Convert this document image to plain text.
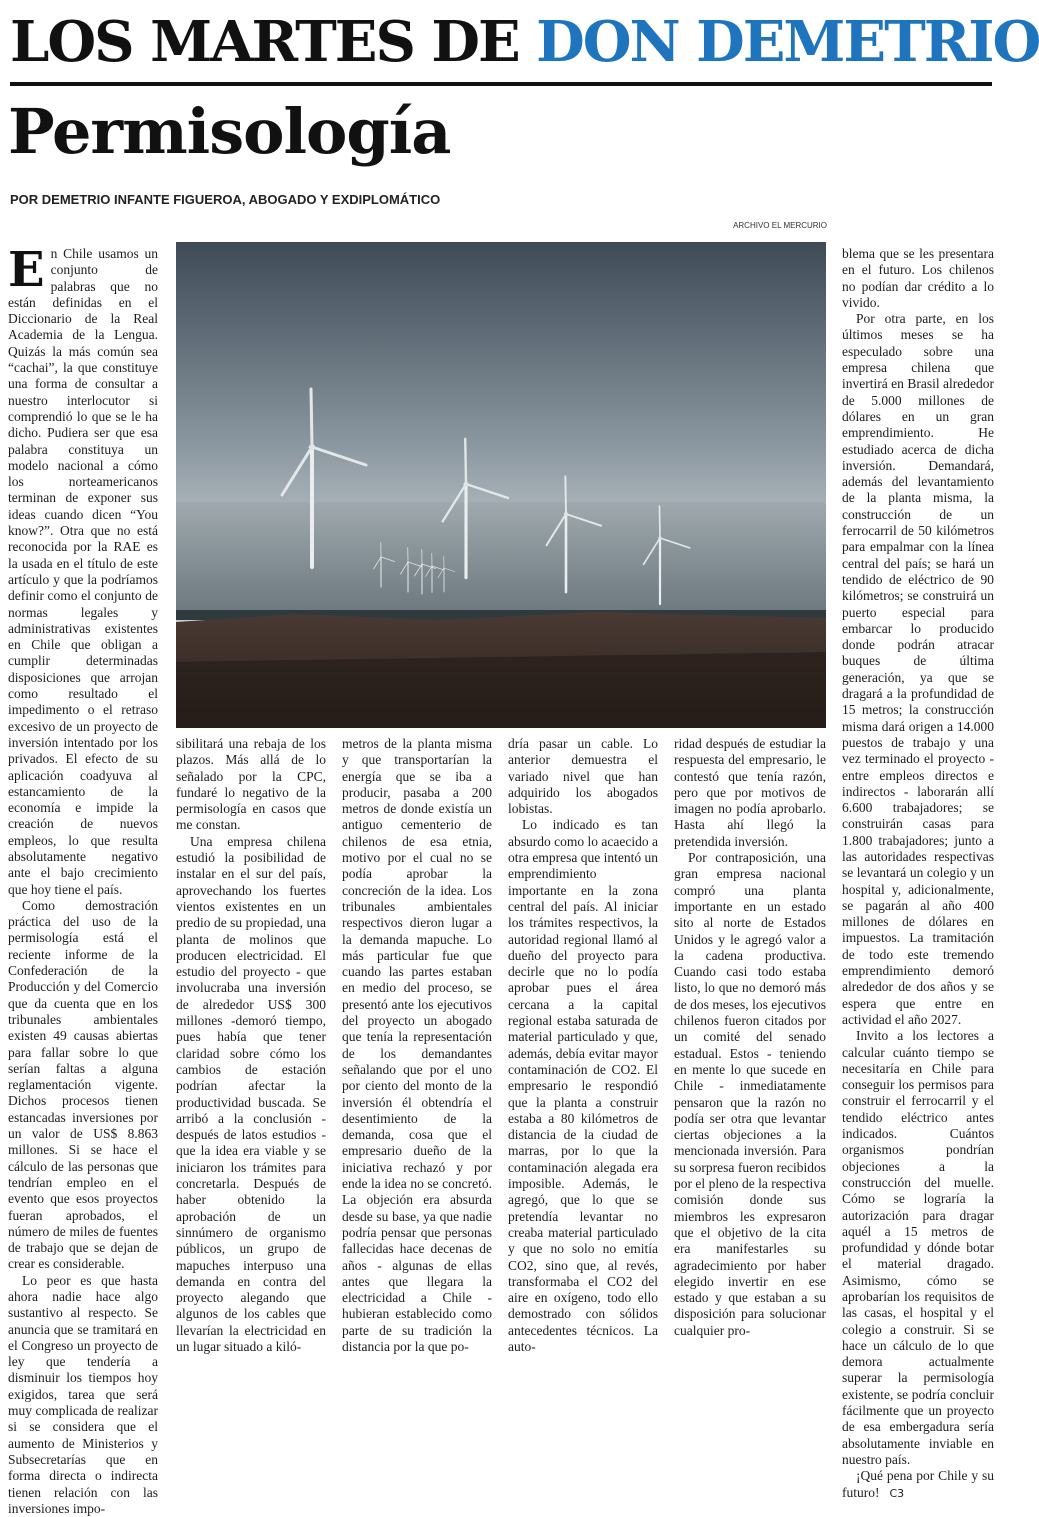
LOS MARTES DE DON DEMETRIO
Permisología
POR DEMETRIO INFANTE FIGUEROA, ABOGADO Y EXDIPLOMÁTICO
ARCHIVO EL MERCURIO

En Chile usamos un conjunto de palabras que no están definidas en el Diccionario de la Real Academia de la Lengua. Quizás la más común sea “cachai”, la que constituye una forma de consultar a nuestro interlocutor si comprendió lo que se le ha dicho. Pudiera ser que esa palabra constituya un modelo nacional a cómo los norteamericanos terminan de exponer sus ideas cuando dicen “You know?”. Otra que no está reconocida por la RAE es la usada en el título de este artículo y que la podríamos definir como el conjunto de normas legales y administrativas existentes en Chile que obligan a cumplir determinadas disposiciones que arrojan como resultado el impedimento o el retraso excesivo de un proyecto de inversión intentado por los privados. El efecto de su aplicación coadyuva al estancamiento de la economía e impide la creación de nuevos empleos, lo que resulta absolutamente negativo ante el bajo crecimiento que hoy tiene el país.

Como demostración práctica del uso de la permisología está el reciente informe de la Confederación de la Producción y del Comercio que da cuenta que en los tribunales ambientales existen 49 causas abiertas para fallar sobre lo que serían faltas a alguna reglamentación vigente. Dichos procesos tienen estancadas inversiones por un valor de US$ 8.863 millones. Si se hace el cálculo de las personas que tendrían empleo en el evento que esos proyectos fueran aprobados, el número de miles de fuentes de trabajo que se dejan de crear es considerable.

Lo peor es que hasta ahora nadie hace algo sustantivo al respecto. Se anuncia que se tramitará en el Congreso un proyecto de ley que tendería a disminuir los tiempos hoy exigidos, tarea que será muy complicada de realizar si se considera que el aumento de Ministerios y Subsecretarías que en forma directa o indirecta tienen relación con las inversiones impo-

sibilitará una rebaja de los plazos. Más allá de lo señalado por la CPC, fundaré lo negativo de la permisología en casos que me constan.

Una empresa chilena estudió la posibilidad de instalar en el sur del país, aprovechando los fuertes vientos existentes en un predio de su propiedad, una planta de molinos que producen electricidad. El estudio del proyecto - que involucraba una inversión de alrededor US$ 300 millones -demoró tiempo, pues había que tener claridad sobre cómo los cambios de estación podrían afectar la productividad buscada. Se arribó a la conclusión - después de latos estudios - que la idea era viable y se iniciaron los trámites para concretarla. Después de haber obtenido la aprobación de un sinnúmero de organismo públicos, un grupo de mapuches interpuso una demanda en contra del proyecto alegando que algunos de los cables que llevarían la electricidad en un lugar situado a kiló-

metros de la planta misma y que transportarían la energía que se iba a producir, pasaba a 200 metros de donde existía un antiguo cementerio de chilenos de esa etnia, motivo por el cual no se podía aprobar la concreción de la idea. Los tribunales ambientales respectivos dieron lugar a la demanda mapuche. Lo más particular fue que cuando las partes estaban en medio del proceso, se presentó ante los ejecutivos del proyecto un abogado que tenía la representación de los demandantes señalando que por el uno por ciento del monto de la inversión él obtendría el desentimiento de la demanda, cosa que el empresario dueño de la iniciativa rechazó y por ende la idea no se concretó. La objeción era absurda desde su base, ya que nadie podría pensar que personas fallecidas hace decenas de años - algunas de ellas antes que llegara la electricidad a Chile - hubieran establecido como parte de su tradición la distancia por la que po-

dría pasar un cable. Lo anterior demuestra el variado nivel que han adquirido los abogados lobistas.

Lo indicado es tan absurdo como lo acaecido a otra empresa que intentó un emprendimiento importante en la zona central del país. Al iniciar los trámites respectivos, la autoridad regional llamó al dueño del proyecto para decirle que no lo podía aprobar pues el área cercana a la capital regional estaba saturada de material particulado y que, además, debía evitar mayor contaminación de CO2. El empresario le respondió que la planta a construir estaba a 80 kilómetros de distancia de la ciudad de marras, por lo que la contaminación alegada era imposible. Además, le agregó, que lo que se pretendía levantar no creaba material particulado y que no solo no emitía CO2, sino que, al revés, transformaba el CO2 del aire en oxígeno, todo ello demostrado con sólidos antecedentes técnicos. La auto-

ridad después de estudiar la respuesta del empresario, le contestó que tenía razón, pero que por motivos de imagen no podía aprobarlo. Hasta ahí llegó la pretendida inversión.

Por contraposición, una gran empresa nacional compró una planta importante en un estado sito al norte de Estados Unidos y le agregó valor a la cadena productiva. Cuando casi todo estaba listo, lo que no demoró más de dos meses, los ejecutivos chilenos fueron citados por un comité del senado estadual. Estos - teniendo en mente lo que sucede en Chile - inmediatamente pensaron que la razón no podía ser otra que levantar ciertas objeciones a la mencionada inversión. Para su sorpresa fueron recibidos por el pleno de la respectiva comisión donde sus miembros les expresaron que el objetivo de la cita era manifestarles su agradecimiento por haber elegido invertir en ese estado y que estaban a su disposición para solucionar cualquier pro-

blema que se les presentara en el futuro. Los chilenos no podían dar crédito a lo vivido.

Por otra parte, en los últimos meses se ha especulado sobre una empresa chilena que invertirá en Brasil alrededor de 5.000 millones de dólares en un gran emprendimiento. He estudiado acerca de dicha inversión. Demandará, además del levantamiento de la planta misma, la construcción de un ferrocarril de 50 kilómetros para empalmar con la línea central del país; se hará un tendido de eléctrico de 90 kilómetros; se construirá un puerto especial para embarcar lo producido donde podrán atracar buques de última generación, ya que se dragará a la profundidad de 15 metros; la construcción misma dará origen a 14.000 puestos de trabajo y una vez terminado el proyecto - entre empleos directos e indirectos - laborarán allí 6.600 trabajadores; se construirán casas para 1.800 trabajadores; junto a las autoridades respectivas se levantará un colegio y un hospital y, adicionalmente, se pagarán al año 400 millones de dólares en impuestos. La tramitación de todo este tremendo emprendimiento demoró alrededor de dos años y se espera que entre en actividad el año 2027.

Invito a los lectores a calcular cuánto tiempo se necesitaría en Chile para conseguir los permisos para construir el ferrocarril y el tendido eléctrico antes indicados. Cuántos organismos pondrían objeciones a la construcción del muelle. Cómo se lograría la autorización para dragar aquél a 15 metros de profundidad y dónde botar el material dragado. Asimismo, cómo se aprobarían los requisitos de las casas, el hospital y el colegio a construir. Si se hace un cálculo de lo que demora actualmente superar la permisología existente, se podría concluir fácilmente que un proyecto de esa embergadura sería absolutamente inviable en nuestro país.

¡Qué pena por Chile y su futuro! C3
